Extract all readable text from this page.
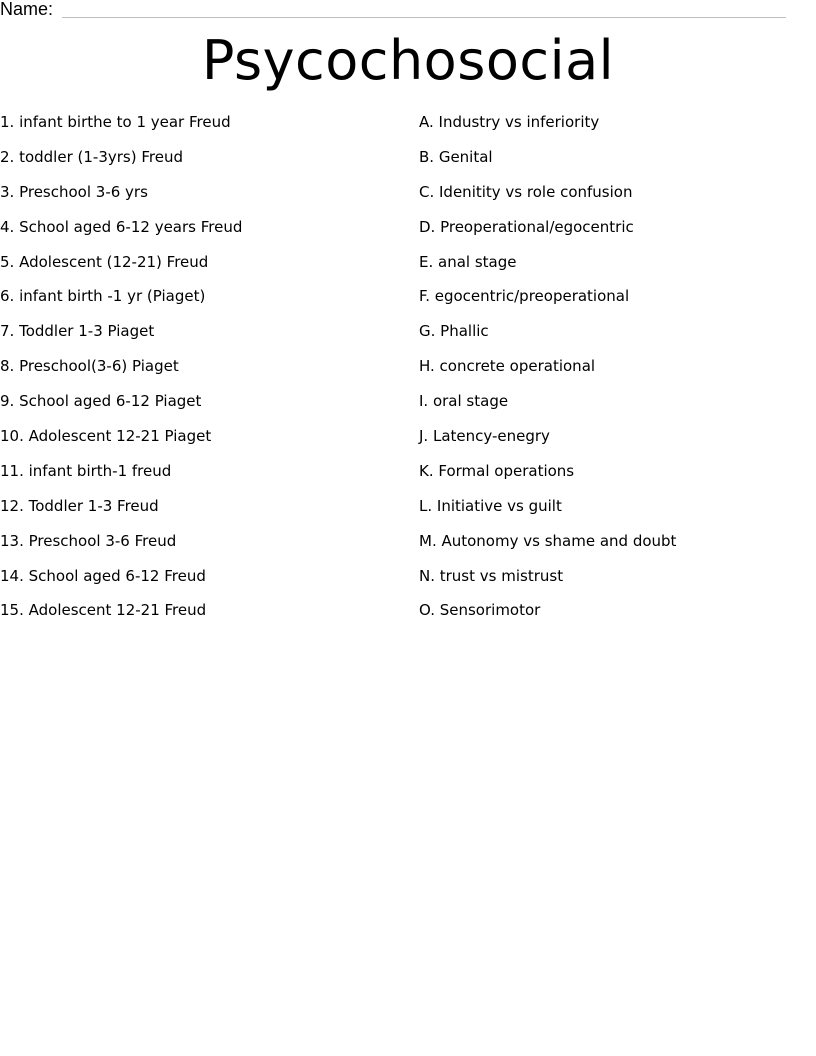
Name:
Psycochosocial
1. infant birthe to 1 year Freud
2. toddler (1-3yrs) Freud
3. Preschool 3-6 yrs
4. School aged 6-12 years Freud
5. Adolescent (12-21) Freud
6. infant birth -1 yr (Piaget)
7. Toddler 1-3 Piaget
8. Preschool(3-6) Piaget
9. School aged 6-12 Piaget
10. Adolescent 12-21 Piaget
11. infant birth-1 freud
12. Toddler 1-3 Freud
13. Preschool 3-6 Freud
14. School aged 6-12 Freud
15. Adolescent 12-21 Freud
A. Industry vs inferiority
B. Genital
C. Idenitity vs role confusion
D. Preoperational/egocentric
E. anal stage
F. egocentric/preoperational
G. Phallic
H. concrete operational
I. oral stage
J. Latency-enegry
K. Formal operations
L. Initiative vs guilt
M. Autonomy vs shame and doubt
N. trust vs mistrust
O. Sensorimotor
